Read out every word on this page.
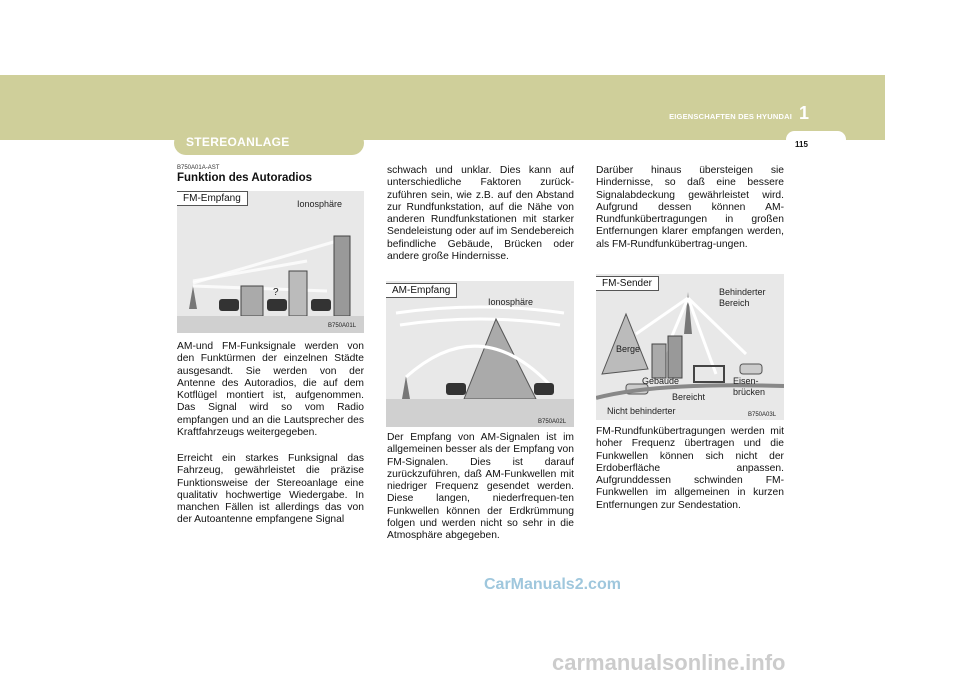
EIGENSCHAFTEN DES HYUNDAI 1
115
STEREOANLAGE
B750A01A-AST
Funktion des Autoradios
?
FM-Empfang	Ionosphäre
B750A01L
AM-und FM-Funksignale werden von den Funktürmen der einzelnen Städte ausgesandt. Sie werden von der Antenne des Autoradios, die auf dem Kotflügel montiert ist, aufgenommen. Das Signal wird so vom Radio empfangen und an die Lautsprecher des Kraftfahrzeugs weitergegeben.
Erreicht ein starkes Funksignal das Fahrzeug, gewährleistet die präzise Funktionsweise der Stereoanlage eine qualitativ hochwertige Wiedergabe. In manchen Fällen ist allerdings das von der Autoantenne empfangene Signal
schwach und unklar. Dies kann auf unterschiedliche Faktoren zurück-zuführen sein, wie z.B. auf den Abstand zur Rundfunkstation, auf die Nähe von anderen Rundfunkstationen mit starker Sendeleistung oder auf im Sendebereich befindliche Gebäude, Brücken oder andere große Hindernisse.
AM-Empfang
Ionosphäre
B750A02L
Der Empfang von AM-Signalen ist im allgemeinen besser als der Empfang von FM-Signalen. Dies ist darauf zurückzuführen, daß AM-Funkwellen mit niedriger Frequenz gesendet werden. Diese langen, niederfrequen-ten Funkwellen können der Erdkrümmung folgen und werden nicht so sehr in die Atmosphäre abgegeben.
Darüber hinaus übersteigen sie Hindernisse, so daß eine bessere Signalabdeckung gewährleistet wird. Aufgrund dessen können AM-Rundfunkübertragungen in großen Entfernungen klarer empfangen werden, als FM-Rundfunkübertrag-ungen.
FM-Sender
Behinderter
Bereich
Berge
Gebäude
Bereicht
Eisen-
brücken
Nicht behinderter	B750A03L
FM-Rundfunkübertragungen werden mit hoher Frequenz übertragen und die Funkwellen können sich nicht der Erdoberfläche anpassen. Aufgrunddessen schwinden FM-Funkwellen im allgemeinen in kurzen Entfernungen zur Sendestation.
CarManuals2.com
carmanualsonline.info
